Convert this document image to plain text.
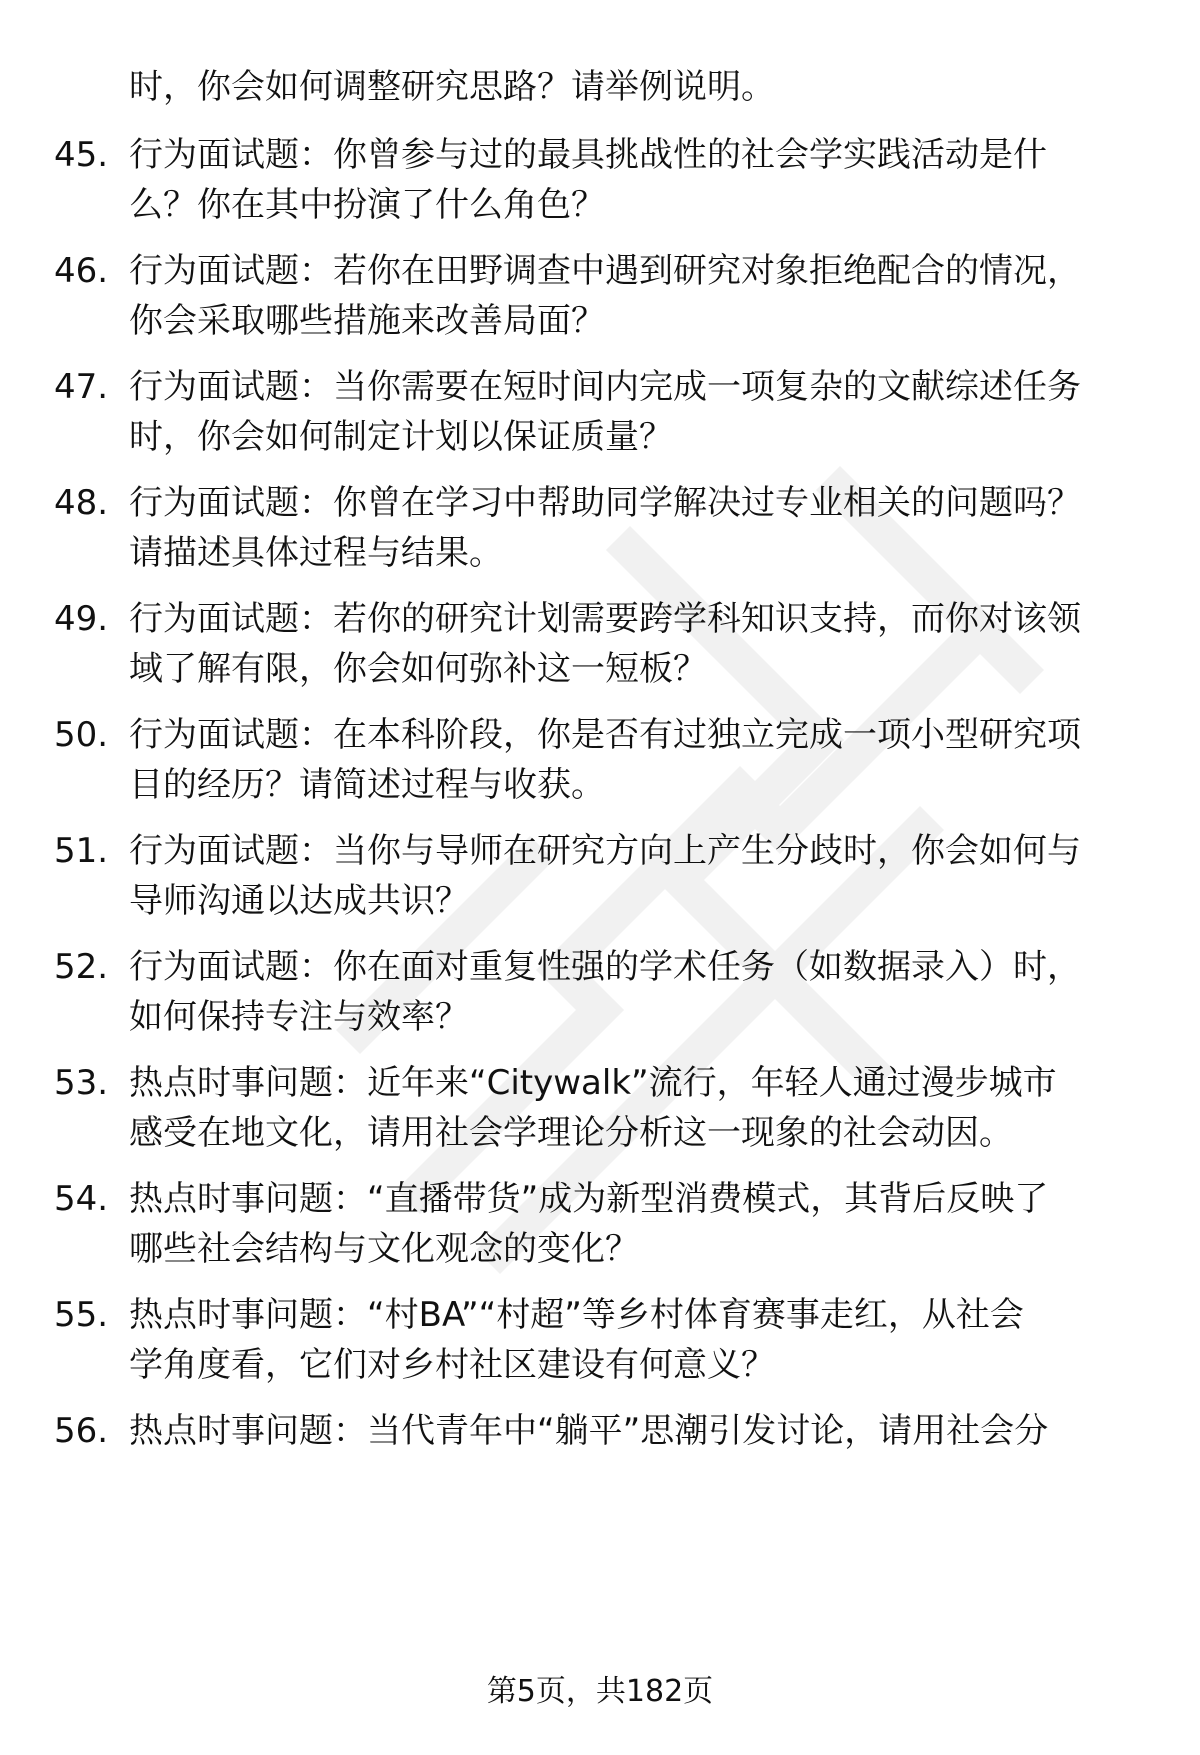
时，你会如何调整研究思路？请举例说明。
45. 行为面试题：你曾参与过的最具挑战性的社会学实践活动是什
么？你在其中扮演了什么角色？
46. 行为面试题：若你在田野调查中遇到研究对象拒绝配合的情况，
你会采取哪些措施来改善局面？
47. 行为面试题：当你需要在短时间内完成一项复杂的文献综述任务
时，你会如何制定计划以保证质量？
48. 行为面试题：你曾在学习中帮助同学解决过专业相关的问题吗？
请描述具体过程与结果。
49. 行为面试题：若你的研究计划需要跨学科知识支持，而你对该领
域了解有限，你会如何弥补这一短板？
50. 行为面试题：在本科阶段，你是否有过独立完成一项小型研究项
目的经历？请简述过程与收获。
51. 行为面试题：当你与导师在研究方向上产生分歧时，你会如何与
导师沟通以达成共识？
52. 行为面试题：你在面对重复性强的学术任务（如数据录入）时，
如何保持专注与效率？
53. 热点时事问题：近年来“Citywalk”流行，年轻人通过漫步城市
感受在地文化，请用社会学理论分析这一现象的社会动因。
54. 热点时事问题：“直播带货”成为新型消费模式，其背后反映了
哪些社会结构与文化观念的变化？
55. 热点时事问题：“村BA”“村超”等乡村体育赛事走红，从社会
学角度看，它们对乡村社区建设有何意义？
56. 热点时事问题：当代青年中“躺平”思潮引发讨论，请用社会分
第5页，共182页
